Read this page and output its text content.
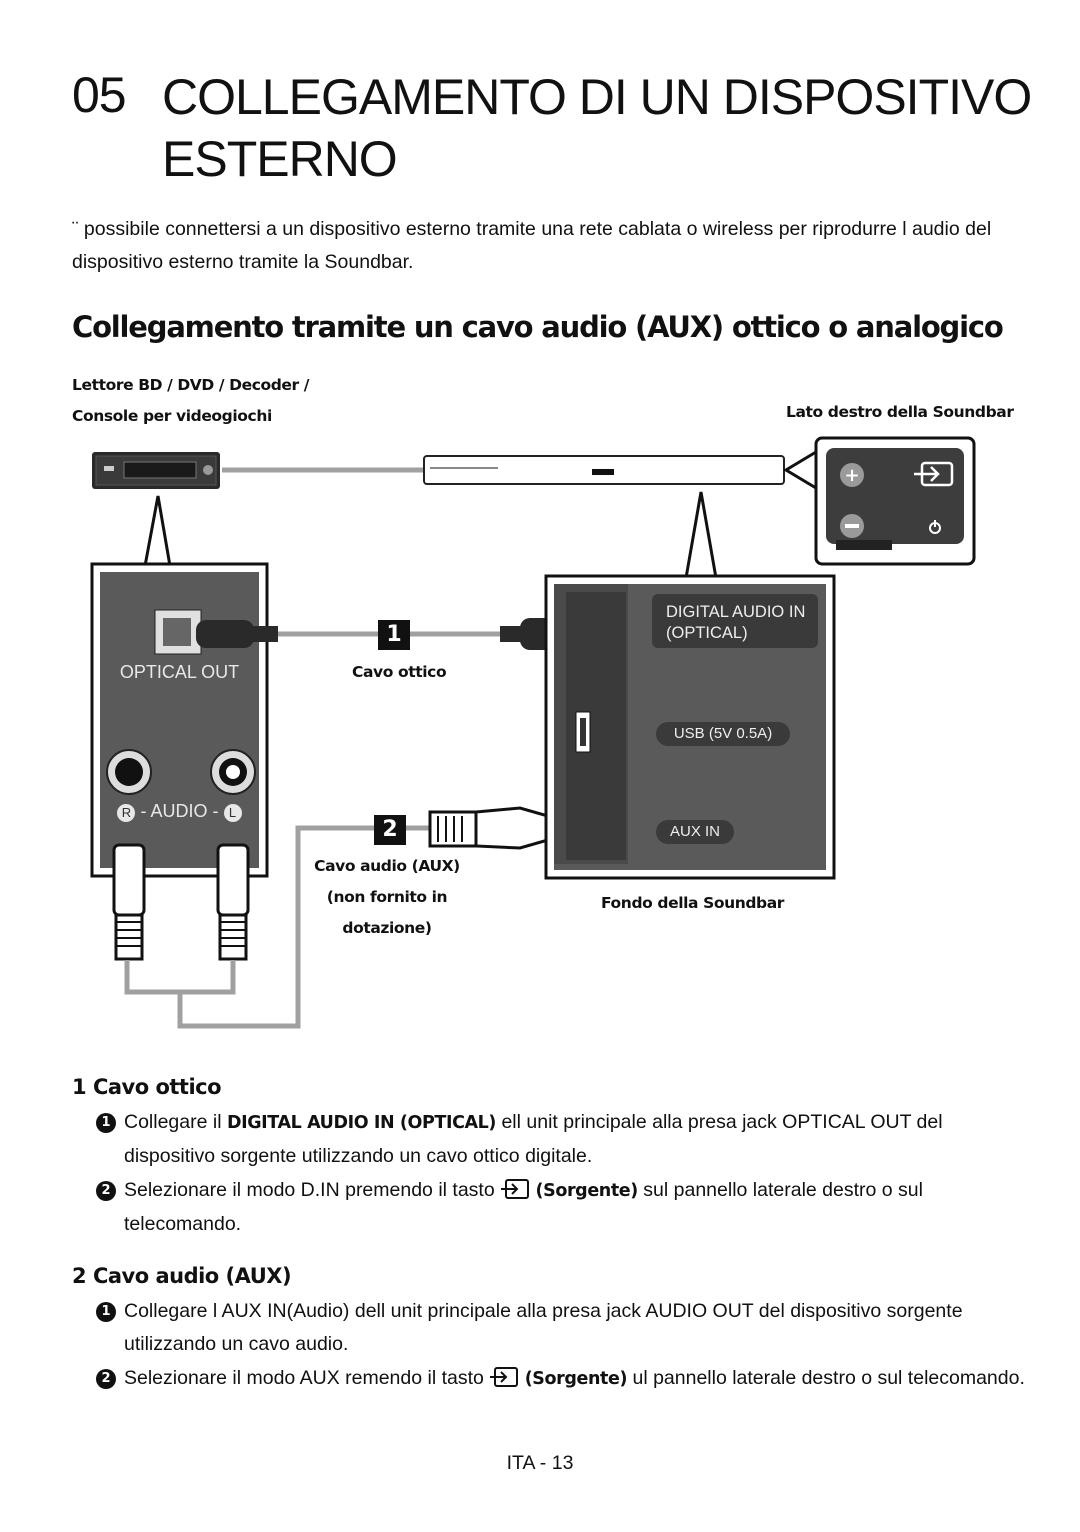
05 COLLEGAMENTO DI UN DISPOSITIVO
ESTERNO
¨ possibile connettersi a un dispositivo esterno tramite una rete cablata o wireless per riprodurre l audio del dispositivo esterno tramite la Soundbar.
Collegamento tramite un cavo audio (AUX) ottico o analogico
Lettore BD / DVD / Decoder /
Console per videogiochi	Lato destro della Soundbar
+
OPTICAL OUT
R - AUDIO - L
1
2
Cavo ottico
Cavo audio (AUX)
(non fornito in
dotazione)
DIGITAL AUDIO IN
(OPTICAL)
USB (5V 0.5A)
AUX IN
Fondo della Soundbar
1 Cavo ottico
1 Collegare il DIGITAL AUDIO IN (OPTICAL) ell unit principale alla presa jack OPTICAL OUT del dispositivo sorgente utilizzando un cavo ottico digitale.
2 Selezionare il modo D.IN premendo il tasto (Sorgente) sul pannello laterale destro o sul telecomando.
2 Cavo audio (AUX)
1 Collegare l AUX IN(Audio) dell unit principale alla presa jack AUDIO OUT del dispositivo sorgente utilizzando un cavo audio.
2 Selezionare il modo AUX remendo il tasto (Sorgente) ul pannello laterale destro o sul telecomando.
ITA - 13
